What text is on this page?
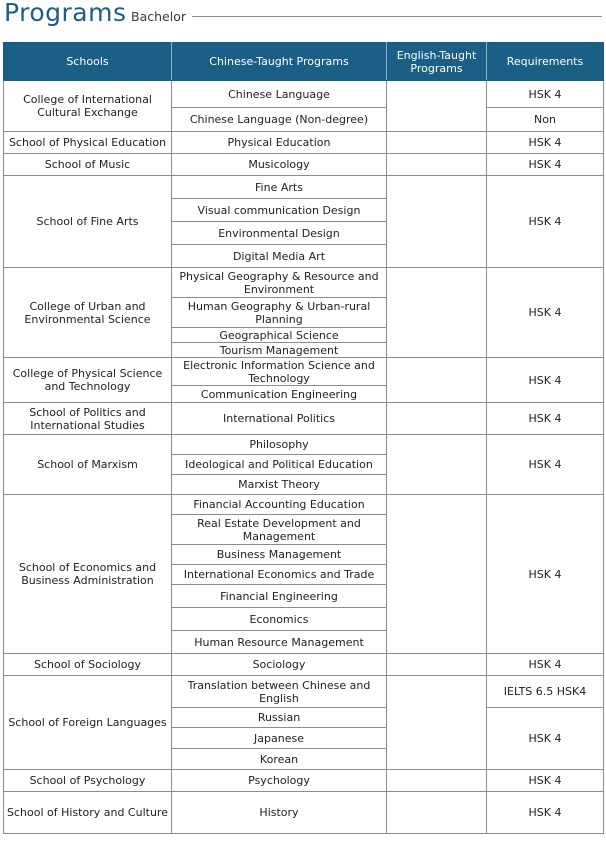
Programs Bachelor
Schools	Chinese-Taught Programs	English-Taught Programs	Requirements
College of International Cultural Exchange	Chinese Language		HSK 4
	Chinese Language (Non-degree)		Non
School of Physical Education	Physical Education		HSK 4
School of Music	Musicology		HSK 4
School of Fine Arts	Fine Arts		HSK 4
	Visual communication Design		
	Environmental Design		
	Digital Media Art		
College of Urban and Environmental Science	Physical Geography & Resource and Environment		HSK 4
	Human Geography & Urban-rural Planning		
	Geographical Science		
	Tourism Management		
College of Physical Science and Technology	Electronic Information Science and Technology		HSK 4
	Communication Engineering		
School of Politics and International Studies	International Politics		HSK 4
School of Marxism	Philosophy		HSK 4
	Ideological and Political Education		
	Marxist Theory		
School of Economics and Business Administration	Financial Accounting Education		HSK 4
	Real Estate Development and Management		
	Business Management		
	International Economics and Trade		
	Financial Engineering		
	Economics		
	Human Resource Management		
School of Sociology	Sociology		HSK 4
School of Foreign Languages	Translation between Chinese and English		IELTS 6.5 HSK4
	Russian		HSK 4
	Japanese		
	Korean		
School of Psychology	Psychology		HSK 4
School of History and Culture	History		HSK 4
